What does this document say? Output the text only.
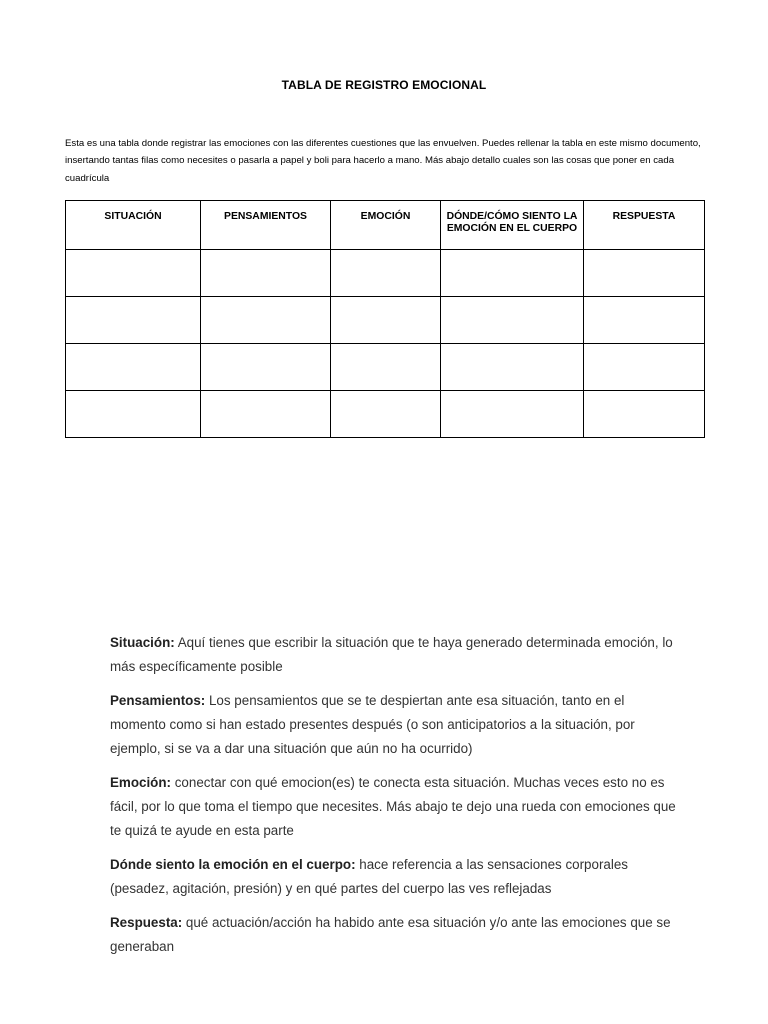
TABLA DE REGISTRO EMOCIONAL
Esta es una tabla donde registrar las emociones con las diferentes cuestiones que las envuelven. Puedes rellenar la tabla en este mismo documento, insertando tantas filas como necesites o pasarla a papel y boli para hacerlo a mano. Más abajo detallo cuales son las cosas que poner en cada cuadrícula
SITUACIÓN	PENSAMIENTOS	EMOCIÓN	DÓNDE/CÓMO SIENTO LA EMOCIÓN EN EL CUERPO	RESPUESTA

Situación: Aquí tienes que escribir la situación que te haya generado determinada emoción, lo más específicamente posible

Pensamientos: Los pensamientos que se te despiertan ante esa situación, tanto en el momento como si han estado presentes después (o son anticipatorios a la situación, por ejemplo, si se va a dar una situación que aún no ha ocurrido)

Emoción: conectar con qué emocion(es) te conecta esta situación. Muchas veces esto no es fácil, por lo que toma el tiempo que necesites. Más abajo te dejo una rueda con emociones que te quizá te ayude en esta parte

Dónde siento la emoción en el cuerpo: hace referencia a las sensaciones corporales (pesadez, agitación, presión) y en qué partes del cuerpo las ves reflejadas

Respuesta: qué actuación/acción ha habido ante esa situación y/o ante las emociones que se generaban
